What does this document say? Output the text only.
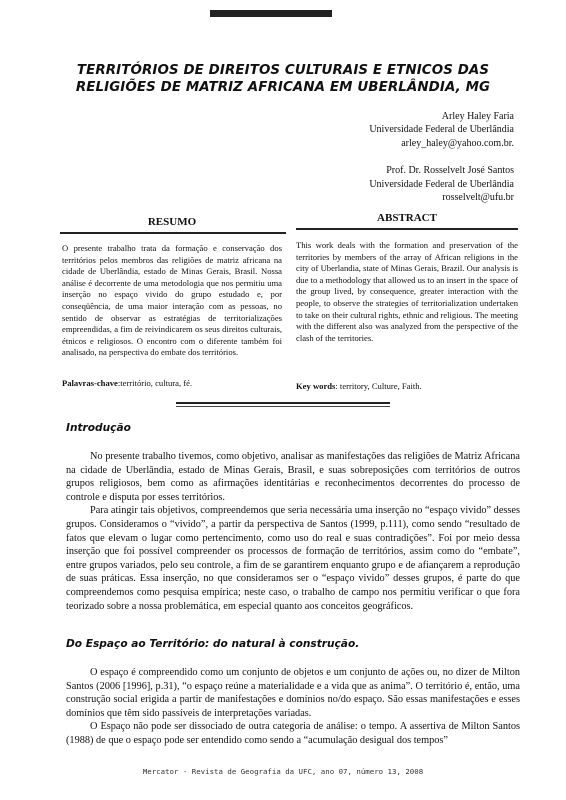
TERRITÓRIOS DE DIREITOS CULTURAIS E ETNICOS DAS
RELIGIÕES DE MATRIZ AFRICANA EM UBERLÂNDIA, MG
Arley Haley Faria
Universidade Federal de Uberlândia
arley_haley@yahoo.com.br.
Prof. Dr. Rosselvelt José Santos
Universidade Federal de Uberlândia
rosselvelt@ufu.br
RESUMO
O presente trabalho trata da formação e conservação dos territórios pelos membros das religiões de matriz africana na cidade de Uberlândia, estado de Minas Gerais, Brasil. Nossa análise é decorrente de uma metodologia que nos permitiu uma inserção no espaço vivido do grupo estudado e, por conseqüência, de uma maior interação com as pessoas, no sentido de observar as estratégias de territorializações empreendidas, a fim de reivindicarem os seus direitos culturais, étnicos e religiosos. O encontro com o diferente também foi analisado, na perspectiva do embate dos territórios.
Palavras-chave:território, cultura, fé.
ABSTRACT
This work deals with the formation and preservation of the territories by members of the array of African religions in the city of Uberlandia, state of Minas Gerais, Brazil. Our analysis is due to a methodology that allowed us to an insert in the space of the group lived, by consequence, greater interaction with the people, to observe the strategies of territorialization undertaken to take on their cultural rights, ethnic and religious. The meeting with the different also was analyzed from the perspective of the clash of the territories.
Key words: territory, Culture, Faith.
Introdução

No presente trabalho tivemos, como objetivo, analisar as manifestações das religiões de Matriz Africana na cidade de Uberlândia, estado de Minas Gerais, Brasil, e suas sobreposições com territórios de outros grupos religiosos, bem como as afirmações identitárias e reconhecimentos decorrentes do processo de controle e disputa por esses territórios.

Para atingir tais objetivos, compreendemos que seria necessária uma inserção no “espaço vivido” desses grupos. Consideramos o “vivido”, a partir da perspectiva de Santos (1999, p.111), como sendo “resultado de fatos que elevam o lugar como pertencimento, como uso do real e suas contradições”. Foi por meio dessa inserção que foi possível compreender os processos de formação de territórios, assim como do “embate”, entre grupos variados, pelo seu controle, a fim de se garantirem enquanto grupo e de afiançarem a reprodução de suas práticas. Essa inserção, no que consideramos ser o “espaço vivido” desses grupos, é parte do que compreendemos como pesquisa empírica; neste caso, o trabalho de campo nos permitiu verificar o que fora teorizado sobre a nossa problemática, em especial quanto aos conceitos geográficos.

Do Espaço ao Território: do natural à construção.

O espaço é compreendido como um conjunto de objetos e um conjunto de ações ou, no dizer de Milton Santos (2006 [1996], p.31), “o espaço reúne a materialidade e a vida que as anima”. O território é, então, uma construção social erigida a partir de manifestações e domínios no/do espaço. São essas manifestações e esses domínios que têm sido passíveis de interpretações variadas.

O Espaço não pode ser dissociado de outra categoria de análise: o tempo. A assertiva de Milton Santos (1988) de que o espaço pode ser entendido como sendo a “acumulação desigual dos tempos”

Mercator - Revista de Geografia da UFC, ano 07, número 13, 2008
